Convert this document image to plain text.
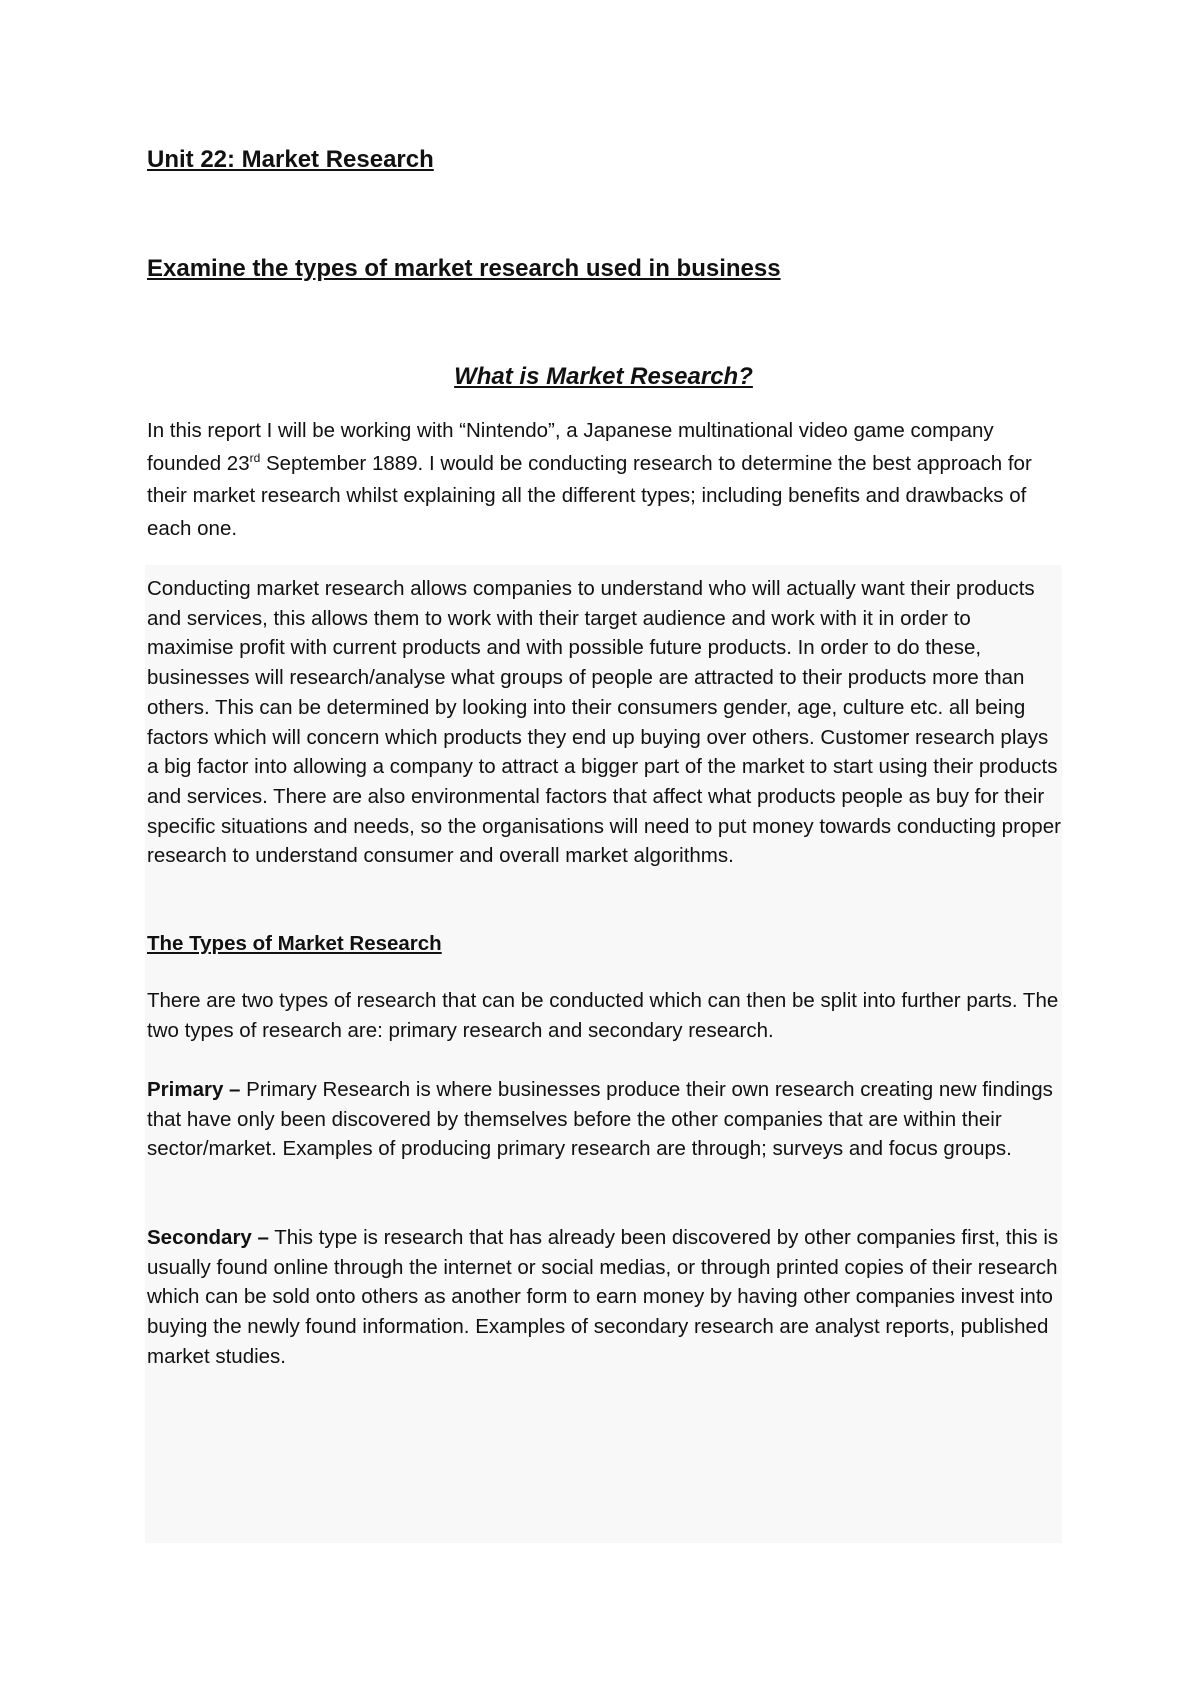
Unit 22: Market Research
Examine the types of market research used in business
What is Market Research?

In this report I will be working with “Nintendo”, a Japanese multinational video game company founded 23rd September 1889. I would be conducting research to determine the best approach for their market research whilst explaining all the different types; including benefits and drawbacks of each one.

Conducting market research allows companies to understand who will actually want their products and services, this allows them to work with their target audience and work with it in order to maximise profit with current products and with possible future products. In order to do these, businesses will research/analyse what groups of people are attracted to their products more than others. This can be determined by looking into their consumers gender, age, culture etc. all being factors which will concern which products they end up buying over others. Customer research plays a big factor into allowing a company to attract a bigger part of the market to start using their products and services. There are also environmental factors that affect what products people as buy for their specific situations and needs, so the organisations will need to put money towards conducting proper research to understand consumer and overall market algorithms.

The Types of Market Research

There are two types of research that can be conducted which can then be split into further parts. The two types of research are: primary research and secondary research.

Primary – Primary Research is where businesses produce their own research creating new findings that have only been discovered by themselves before the other companies that are within their sector/market. Examples of producing primary research are through; surveys and focus groups.

Secondary – This type is research that has already been discovered by other companies first, this is usually found online through the internet or social medias, or through printed copies of their research which can be sold onto others as another form to earn money by having other companies invest into buying the newly found information. Examples of secondary research are analyst reports, published market studies.
